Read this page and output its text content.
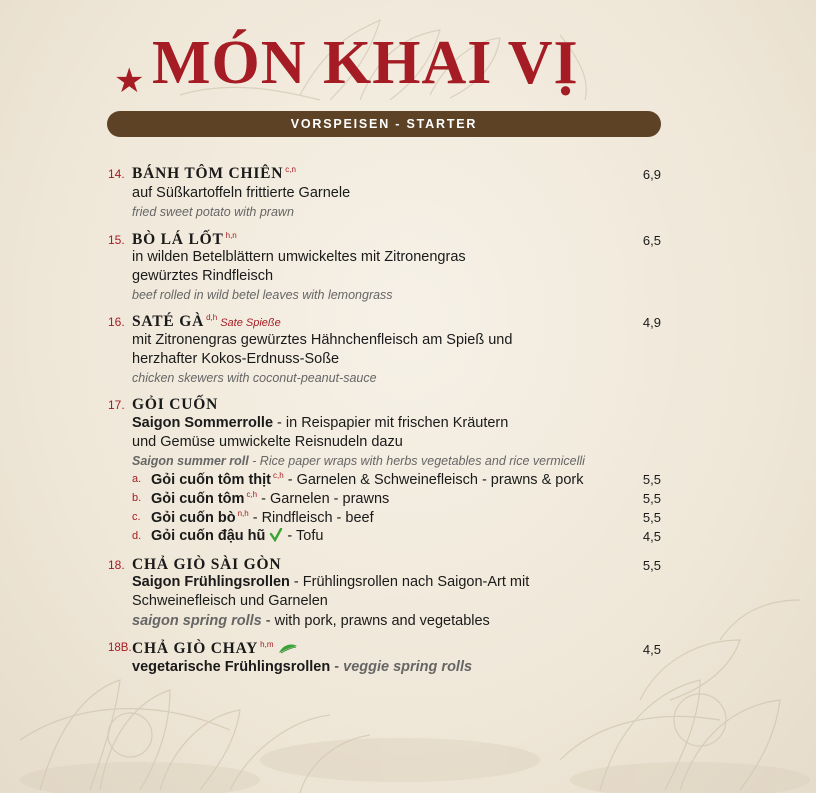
★ MÓN KHAI VỊ
VORSPEISEN - STARTER
14. BÁNH TÔM CHIÊN $^{c,n}$	6,9
auf Süßkartoffeln frittierte Garnele
fried sweet potato with prawn
15. BÒ LÁ LỐT $^{h,n}$	6,5
in wilden Betelblättern umwickeltes mit Zitronengras
gewürztes Rindfleisch
beef rolled in wild betel leaves with lemongrass
16. SATÉ GÀ $^{d,h}$ Sate Spieße	4,9
mit Zitronengras gewürztes Hähnchenfleisch am Spieß und
herzhafter Kokos-Erdnuss-Soße
chicken skewers with coconut-peanut-sauce
17. GỎI CUỐN
Saigon Sommerrolle - in Reispapier mit frischen Kräutern
und Gemüse umwickelte Reisnudeln dazu
Saigon summer roll - Rice paper wraps with herbs vegetables and rice vermicelli
a. Gỏi cuốn tôm thịt $^{c,h}$ - Garnelen & Schweinefleisch - prawns & pork	5,5
b. Gỏi cuốn tôm $^{c,h}$ - Garnelen - prawns	5,5
c. Gỏi cuốn bò $^{n,h}$ - Rindfleisch - beef	5,5
d. Gỏi cuốn đậu hũ - Tofu	4,5
18. CHẢ GIÒ SÀI GÒN	5,5
Saigon Frühlingsrollen - Frühlingsrollen nach Saigon-Art mit
Schweinefleisch und Garnelen
saigon spring rolls - with pork, prawns and vegetables
18B. CHẢ GIÒ CHAY $^{h,m}$	4,5
vegetarische Frühlingsrollen - veggie spring rolls
